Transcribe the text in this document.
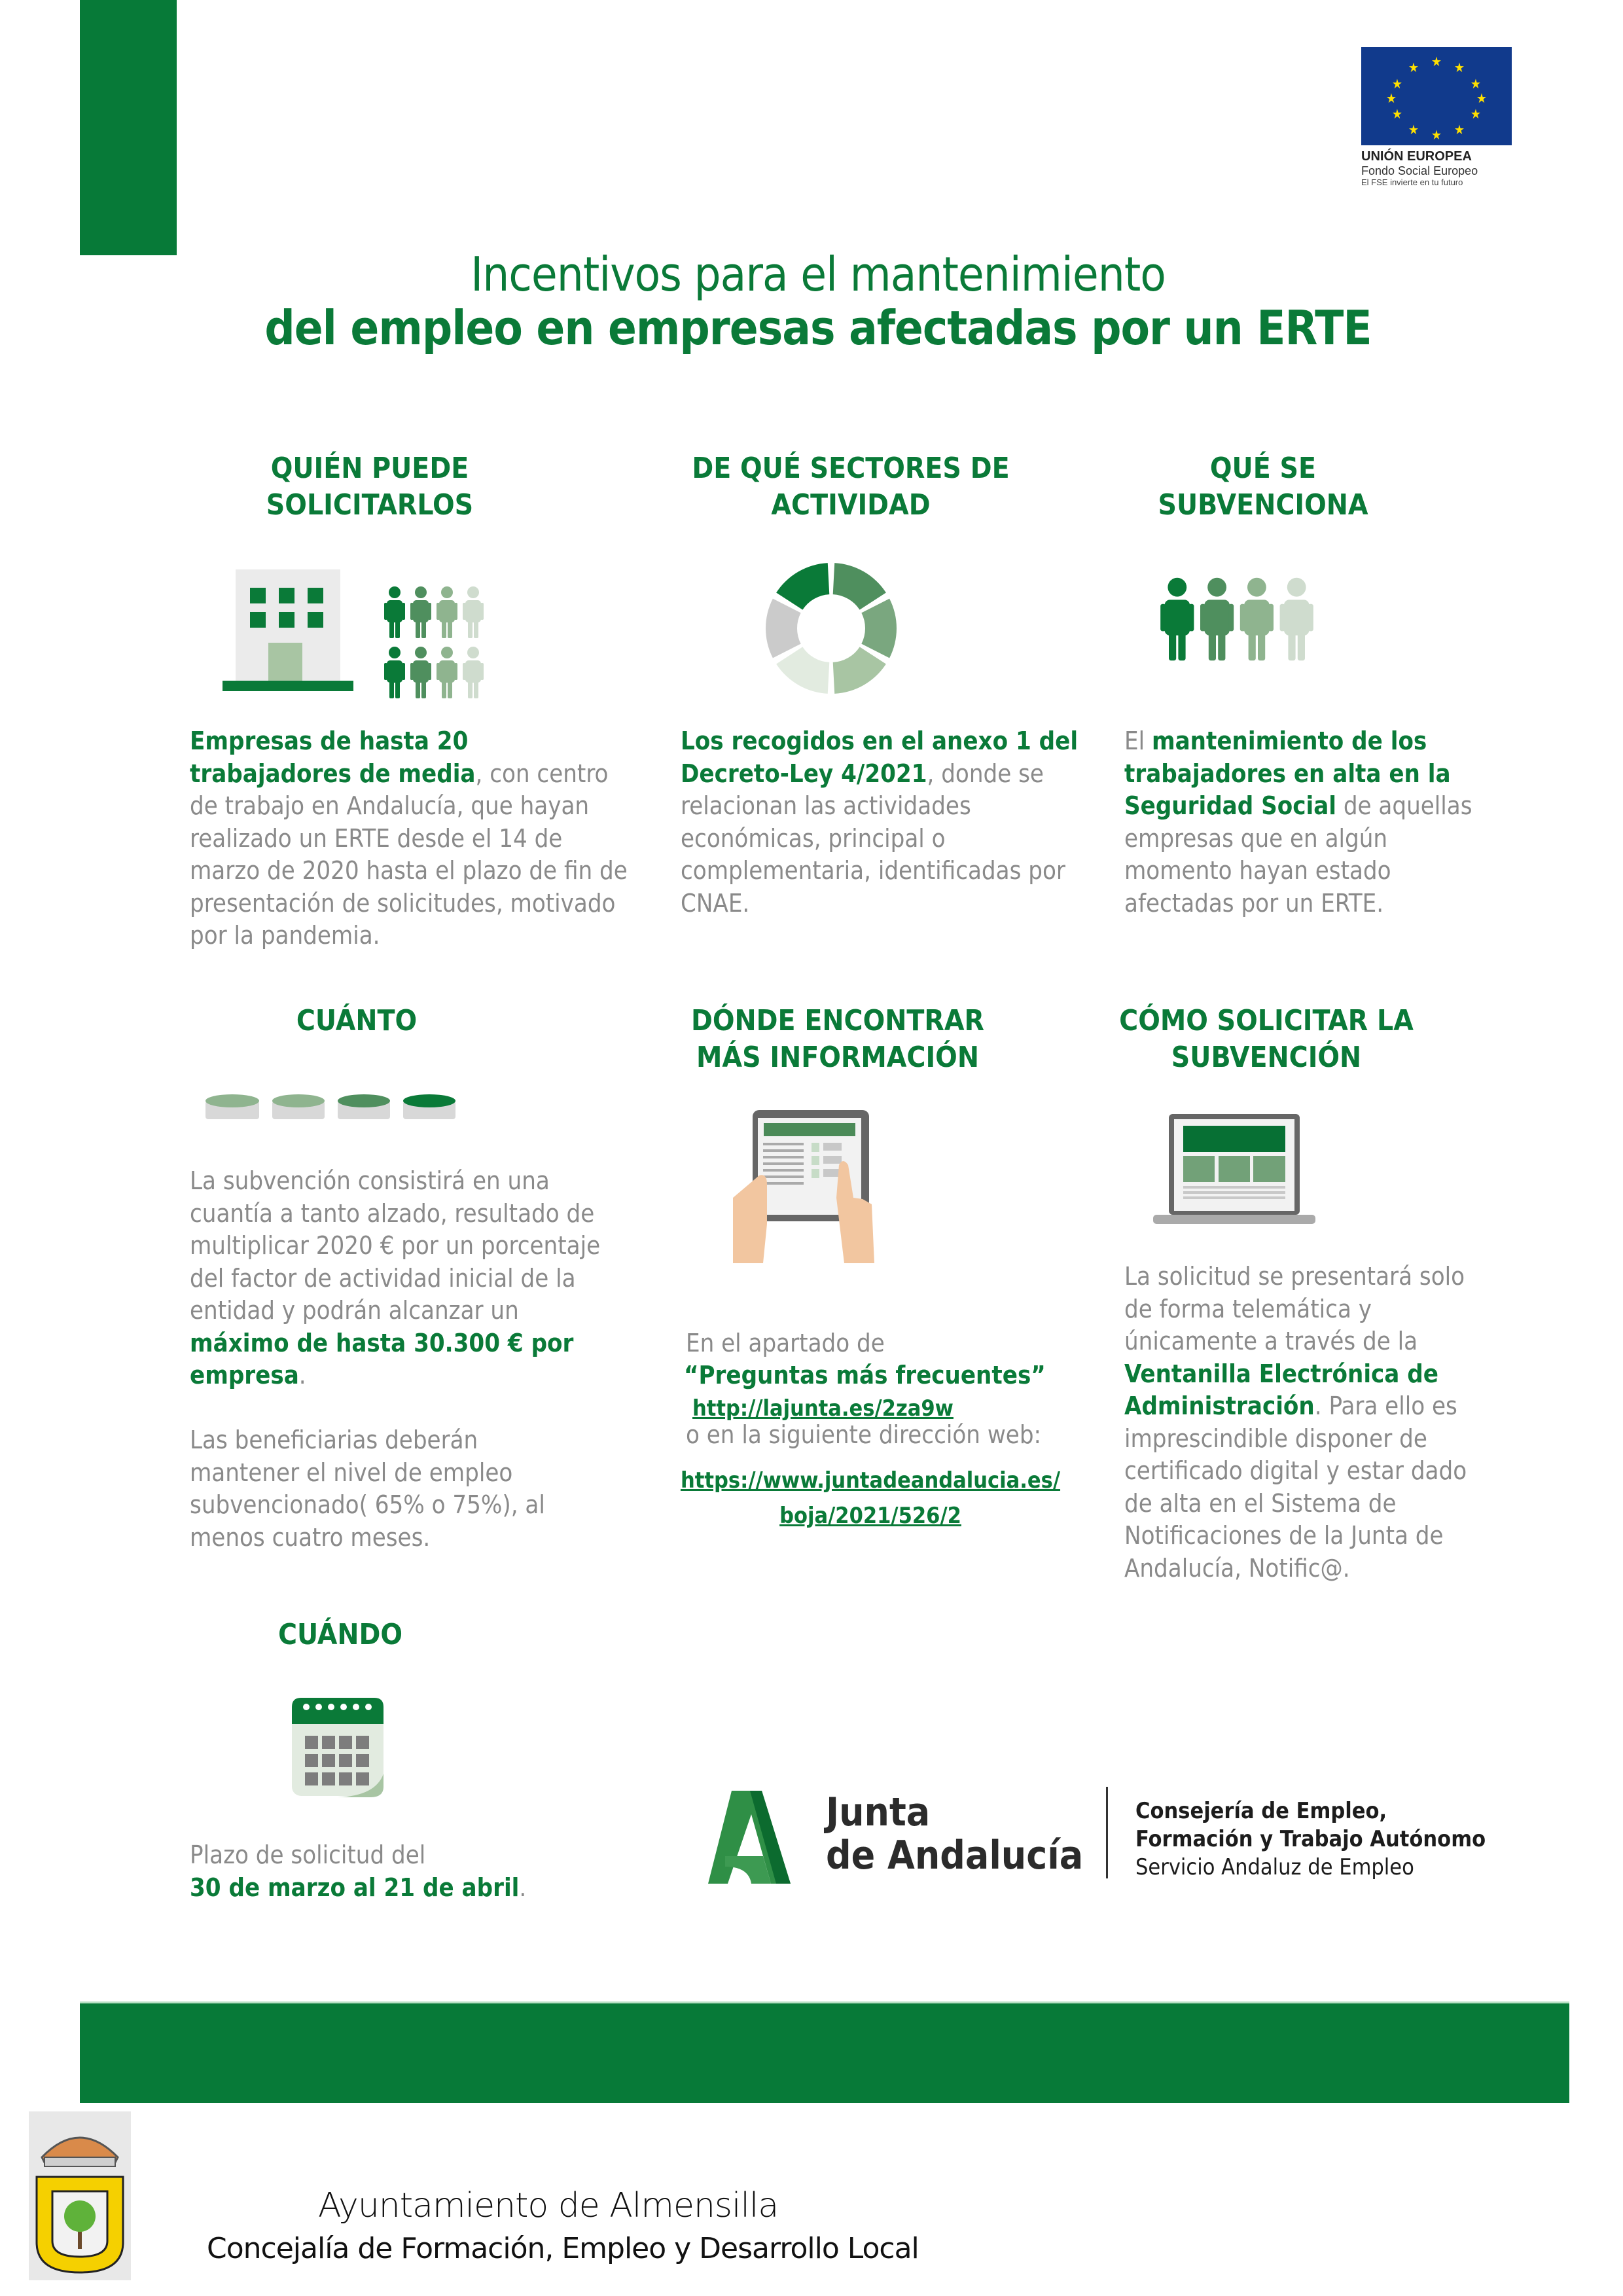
★ ★
★
★
★
★
★
★
★
★
★
★
UNIÓN EUROPEA
Fondo Social Europeo
El FSE invierte en tu futuro
Incentivos para el mantenimiento
del empleo en empresas afectadas por un ERTE
QUIÉN PUEDE SOLICITARLOS
Empresas de hasta 20 trabajadores de media, con centro de trabajo en Andalucía, que hayan realizado un ERTE desde el 14 de marzo de 2020 hasta el plazo de fin de presentación de solicitudes, motivado por la pandemia.
DE QUÉ SECTORES DE ACTIVIDAD
Los recogidos en el anexo 1 del Decreto-Ley 4/2021, donde se relacionan las actividades económicas, principal o complementaria, identificadas por CNAE.
QUÉ SE SUBVENCIONA
El mantenimiento de los trabajadores en alta en la Seguridad Social de aquellas empresas que en algún momento hayan estado afectadas por un ERTE.
CUÁNTO
La subvención consistirá en una cuantía a tanto alzado, resultado de multiplicar 2020 € por un porcentaje del factor de actividad inicial de la entidad y podrán alcanzar un máximo de hasta 30.300 € por empresa.
Las beneficiarias deberán mantener el nivel de empleo subvencionado( 65% o 75%), al menos cuatro meses.
DÓNDE ENCONTRAR MÁS INFORMACIÓN
En el apartado de
“Preguntas más frecuentes”
http://lajunta.es/2za9w
o en la siguiente dirección web:
https://www.juntadeandalucia.es/
boja/2021/526/2
CÓMO SOLICITAR LA SUBVENCIÓN
La solicitud se presentará solo de forma telemática y únicamente a través de la Ventanilla Electrónica de Administración. Para ello es imprescindible disponer de certificado digital y estar dado de alta en el Sistema de Notificaciones de la Junta de Andalucía, Notific@.
CUÁNDO
Plazo de solicitud del
30 de marzo al 21 de abril.
Junta
de Andalucía
Consejería de Empleo,
Formación y Trabajo Autónomo
Servicio Andaluz de Empleo
Ayuntamiento de Almensilla
Concejalía de Formación, Empleo y Desarrollo Local
